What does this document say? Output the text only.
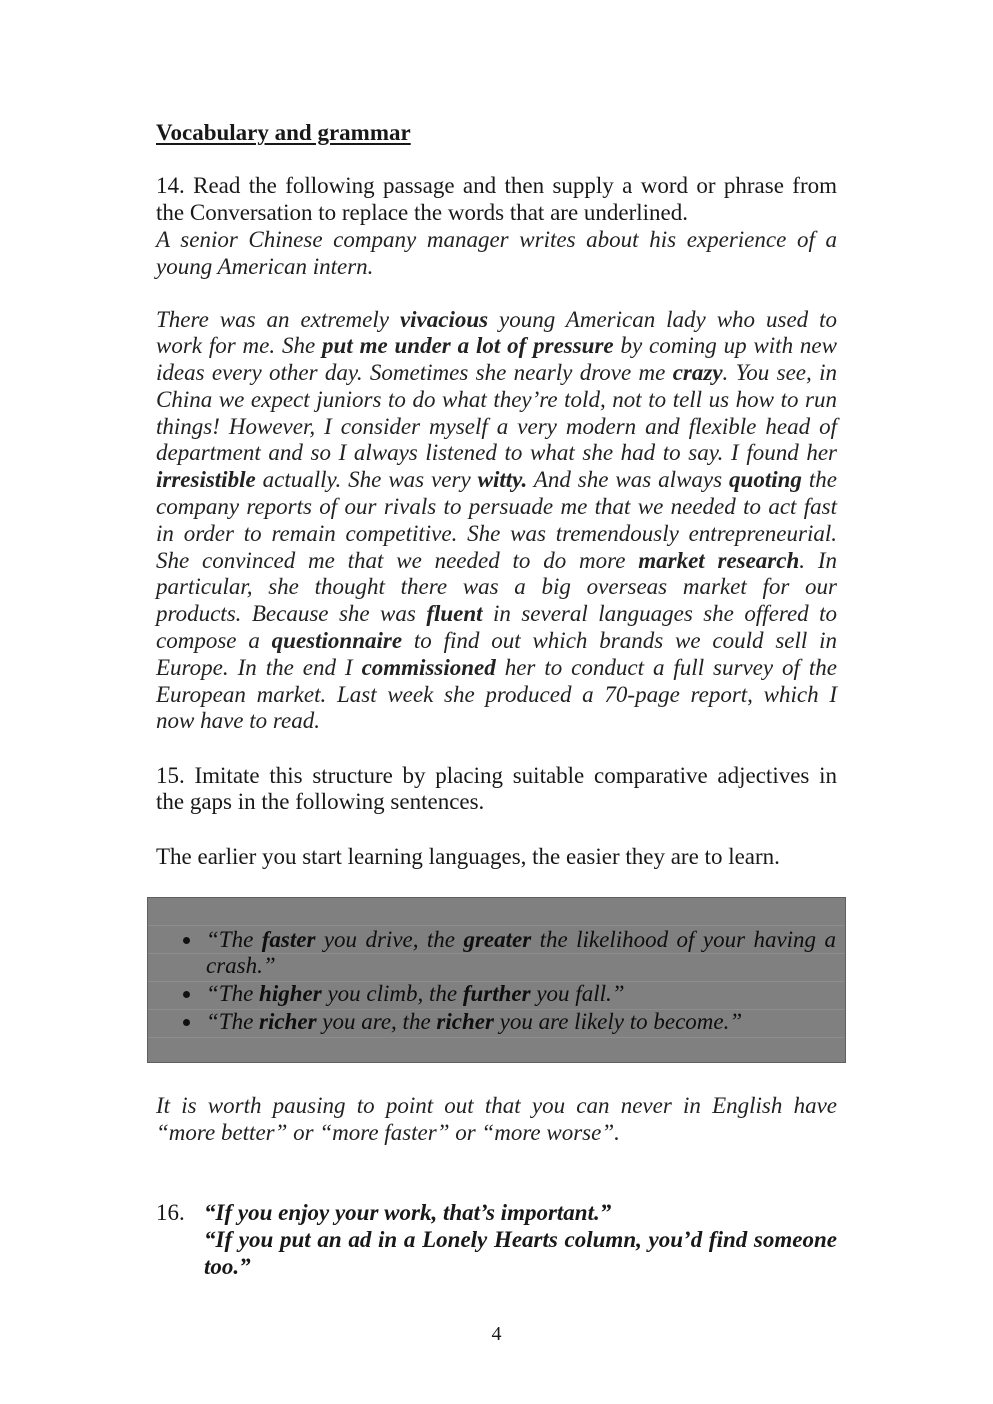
Vocabulary and grammar
14. Read the following passage and then supply a word or phrase from
the Conversation to replace the words that are underlined.
A senior Chinese company manager writes about his experience of a
young American intern.
There was an extremely vivacious young American lady who used to
work for me. She put me under a lot of pressure by coming up with new
ideas every other day. Sometimes she nearly drove me crazy. You see, in
China we expect juniors to do what they’re told, not to tell us how to run
things! However, I consider myself a very modern and flexible head of
department and so I always listened to what she had to say. I found her
irresistible actually. She was very witty. And she was always quoting the
company reports of our rivals to persuade me that we needed to act fast
in order to remain competitive. She was tremendously entrepreneurial.
She convinced me that we needed to do more market research. In
particular, she thought there was a big overseas market for our
products. Because she was fluent in several languages she offered to
compose a questionnaire to find out which brands we could sell in
Europe. In the end I commissioned her to conduct a full survey of the
European market. Last week she produced a 70-page report, which I
now have to read.
15. Imitate this structure by placing suitable comparative adjectives in
the gaps in the following sentences.
The earlier you start learning languages, the easier they are to learn.
“The faster you drive, the greater the likelihood of your having a
crash.”
“The higher you climb, the further you fall.”
“The richer you are, the richer you are likely to become.”
It is worth pausing to point out that you can never in English have
“more better” or “more faster” or “more worse”.
16. “If you enjoy your work, that’s important.”
“If you put an ad in a Lonely Hearts column, you’d find someone
too.”
4
